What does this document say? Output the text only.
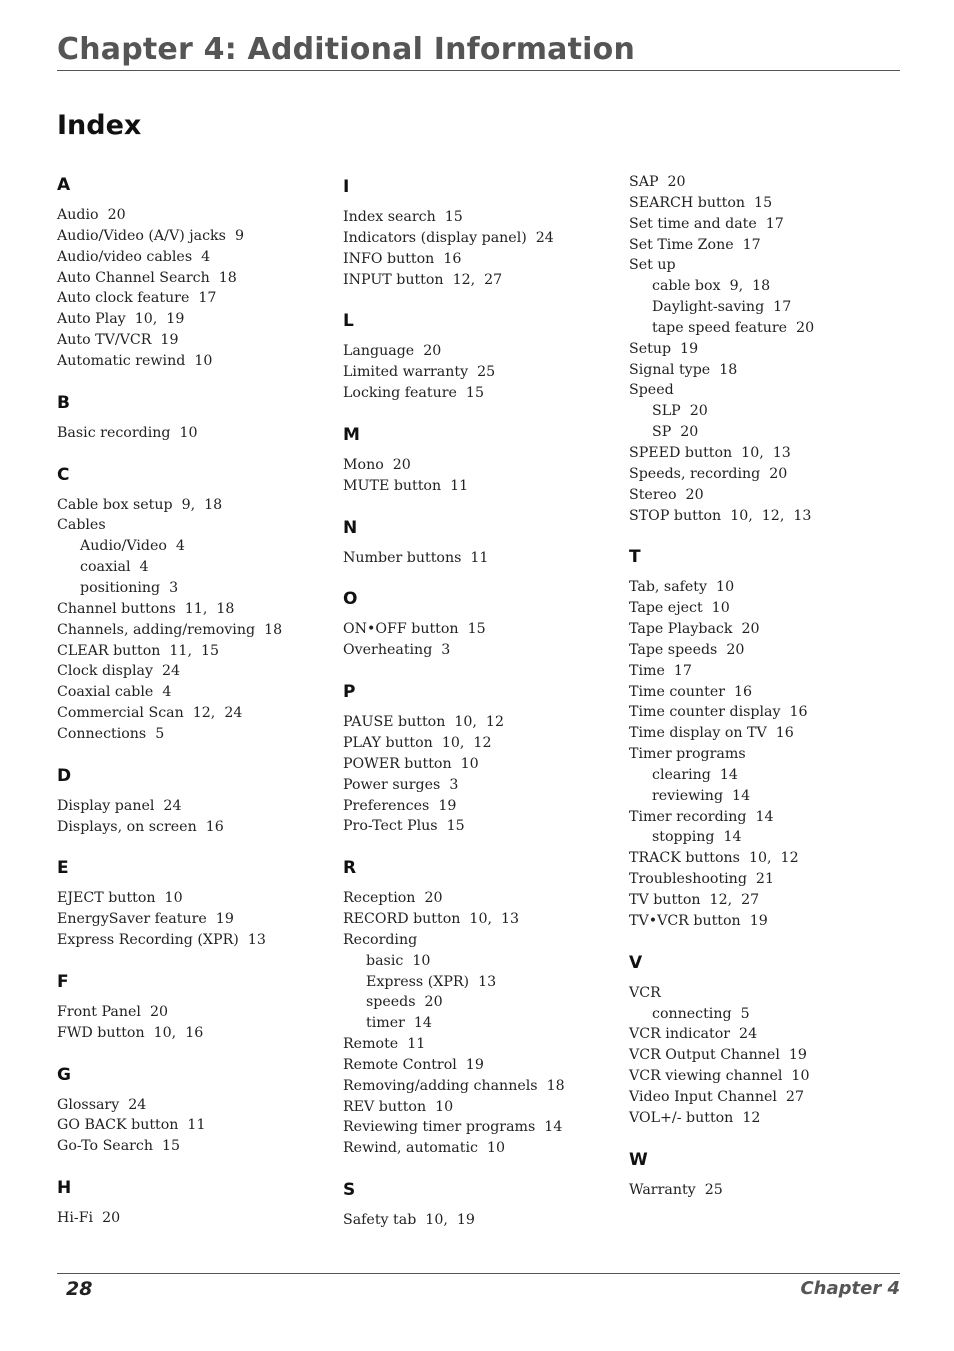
Chapter 4: Additional Information
Index
A
Audio  20
Audio/Video (A/V) jacks  9
Audio/video cables  4
Auto Channel Search  18
Auto clock feature  17
Auto Play  10,  19
Auto TV/VCR  19
Automatic rewind  10
B
Basic recording  10
C
Cable box setup  9,  18
Cables
Audio/Video  4
coaxial  4
positioning  3
Channel buttons  11,  18
Channels, adding/removing  18
CLEAR button  11,  15
Clock display  24
Coaxial cable  4
Commercial Scan  12,  24
Connections  5
D
Display panel  24
Displays, on screen  16
E
EJECT button  10
EnergySaver feature  19
Express Recording (XPR)  13
F
Front Panel  20
FWD button  10,  16
G
Glossary  24
GO BACK button  11
Go-To Search  15
H
Hi-Fi  20
I
Index search  15
Indicators (display panel)  24
INFO button  16
INPUT button  12,  27
L
Language  20
Limited warranty  25
Locking feature  15
M
Mono  20
MUTE button  11
N
Number buttons  11
O
ON•OFF button  15
Overheating  3
P
PAUSE button  10,  12
PLAY button  10,  12
POWER button  10
Power surges  3
Preferences  19
Pro-Tect Plus  15
R
Reception  20
RECORD button  10,  13
Recording
basic  10
Express (XPR)  13
speeds  20
timer  14
Remote  11
Remote Control  19
Removing/adding channels  18
REV button  10
Reviewing timer programs  14
Rewind, automatic  10
S
Safety tab  10,  19
SAP  20
SEARCH button  15
Set time and date  17
Set Time Zone  17
Set up
cable box  9,  18
Daylight-saving  17
tape speed feature  20
Setup  19
Signal type  18
Speed
SLP  20
SP  20
SPEED button  10,  13
Speeds, recording  20
Stereo  20
STOP button  10,  12,  13
T
Tab, safety  10
Tape eject  10
Tape Playback  20
Tape speeds  20
Time  17
Time counter  16
Time counter display  16
Time display on TV  16
Timer programs
clearing  14
reviewing  14
Timer recording  14
stopping  14
TRACK buttons  10,  12
Troubleshooting  21
TV button  12,  27
TV•VCR button  19
V
VCR
connecting  5
VCR indicator  24
VCR Output Channel  19
VCR viewing channel  10
Video Input Channel  27
VOL+/- button  12
W
Warranty  25
28	Chapter 4
